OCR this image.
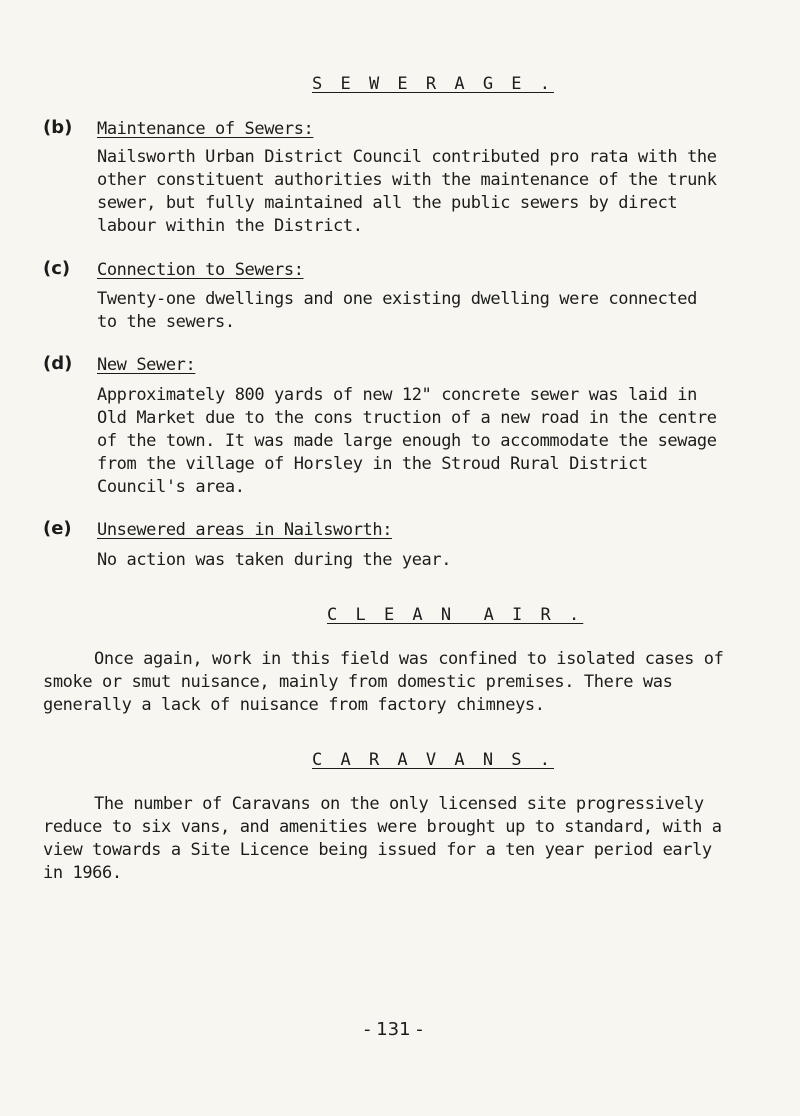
S E W E R A G E .
(b) Maintenance of Sewers:
Nailsworth Urban District Council contributed pro rata with the
other constituent authorities with the maintenance of the trunk
sewer, but fully maintained all the public sewers by direct
labour within the District.
(c) Connection to Sewers:
Twenty-one dwellings and one existing dwelling were connected
to the sewers.
(d) New Sewer:
Approximately 800 yards of new 12" concrete sewer was laid in
Old Market due to the cons truction of a new road in the centre
of the town. It was made large enough to accommodate the sewage
from the village of Horsley in the Stroud Rural District
Council's area.
(e) Unsewered areas in Nailsworth:
No action was taken during the year.
C L E A N  A I R .
Once again, work in this field was confined to isolated cases of
smoke or smut nuisance, mainly from domestic premises. There was
generally a lack of nuisance from factory chimneys.
C A R A V A N S .
The number of Caravans on the only licensed site progressively
reduce to six vans, and amenities were brought up to standard, with a
view towards a Site Licence being issued for a ten year period early
in 1966.
- 131 -
